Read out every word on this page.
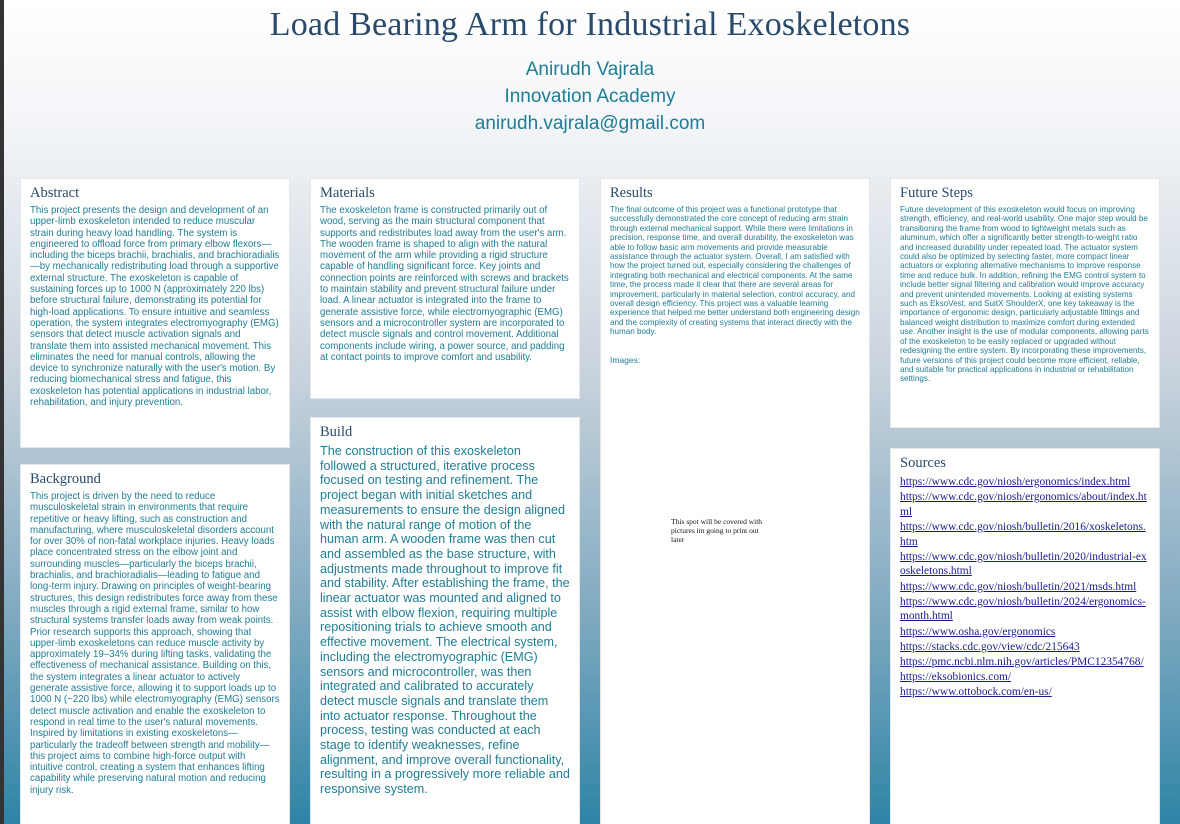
Load Bearing Arm for Industrial Exoskeletons
Anirudh Vajrala
Innovation Academy
anirudh.vajrala@gmail.com
Abstract
This project presents the design and development of an upper-limb exoskeleton intended to reduce muscular strain during heavy load handling. The system is engineered to offload force from primary elbow flexors—including the biceps brachii, brachialis, and brachioradialis—by mechanically redistributing load through a supportive external structure. The exoskeleton is capable of sustaining forces up to 1000 N (approximately 220 lbs) before structural failure, demonstrating its potential for high-load applications. To ensure intuitive and seamless operation, the system integrates electromyography (EMG) sensors that detect muscle activation signals and translate them into assisted mechanical movement. This eliminates the need for manual controls, allowing the device to synchronize naturally with the user's motion. By reducing biomechanical stress and fatigue, this exoskeleton has potential applications in industrial labor, rehabilitation, and injury prevention.
Background
This project is driven by the need to reduce musculoskeletal strain in environments that require repetitive or heavy lifting, such as construction and manufacturing, where musculoskeletal disorders account for over 30% of non-fatal workplace injuries. Heavy loads place concentrated stress on the elbow joint and surrounding muscles—particularly the biceps brachii, brachialis, and brachioradialis—leading to fatigue and long-term injury. Drawing on principles of weight-bearing structures, this design redistributes force away from these muscles through a rigid external frame, similar to how structural systems transfer loads away from weak points. Prior research supports this approach, showing that upper-limb exoskeletons can reduce muscle activity by approximately 19–34% during lifting tasks, validating the effectiveness of mechanical assistance. Building on this, the system integrates a linear actuator to actively generate assistive force, allowing it to support loads up to 1000 N (~220 lbs) while electromyography (EMG) sensors detect muscle activation and enable the exoskeleton to respond in real time to the user's natural movements. Inspired by limitations in existing exoskeletons—particularly the tradeoff between strength and mobility—this project aims to combine high-force output with intuitive control, creating a system that enhances lifting capability while preserving natural motion and reducing injury risk.
Materials
The exoskeleton frame is constructed primarily out of wood, serving as the main structural component that supports and redistributes load away from the user's arm. The wooden frame is shaped to align with the natural movement of the arm while providing a rigid structure capable of handling significant force. Key joints and connection points are reinforced with screws and brackets to maintain stability and prevent structural failure under load. A linear actuator is integrated into the frame to generate assistive force, while electromyographic (EMG) sensors and a microcontroller system are incorporated to detect muscle signals and control movement. Additional components include wiring, a power source, and padding at contact points to improve comfort and usability.
Build
The construction of this exoskeleton followed a structured, iterative process focused on testing and refinement. The project began with initial sketches and measurements to ensure the design aligned with the natural range of motion of the human arm. A wooden frame was then cut and assembled as the base structure, with adjustments made throughout to improve fit and stability. After establishing the frame, the linear actuator was mounted and aligned to assist with elbow flexion, requiring multiple repositioning trials to achieve smooth and effective movement. The electrical system, including the electromyographic (EMG) sensors and microcontroller, was then integrated and calibrated to accurately detect muscle signals and translate them into actuator response. Throughout the process, testing was conducted at each stage to identify weaknesses, refine alignment, and improve overall functionality, resulting in a progressively more reliable and responsive system.
Results
The final outcome of this project was a functional prototype that successfully demonstrated the core concept of reducing arm strain through external mechanical support. While there were limitations in precision, response time, and overall durability, the exoskeleton was able to follow basic arm movements and provide measurable assistance through the actuator system. Overall, I am satisfied with how the project turned out, especially considering the challenges of integrating both mechanical and electrical components. At the same time, the process made it clear that there are several areas for improvement, particularly in material selection, control accuracy, and overall design efficiency. This project was a valuable learning experience that helped me better understand both engineering design and the complexity of creating systems that interact directly with the human body.
Images:
This spot will be covered with pictures im going to print out later
Future Steps
Future development of this exoskeleton would focus on improving strength, efficiency, and real-world usability. One major step would be transitioning the frame from wood to lightweight metals such as aluminum, which offer a significantly better strength-to-weight ratio and increased durability under repeated load. The actuator system could also be optimized by selecting faster, more compact linear actuators or exploring alternative mechanisms to improve response time and reduce bulk. In addition, refining the EMG control system to include better signal filtering and calibration would improve accuracy and prevent unintended movements. Looking at existing systems such as EksoVest, and SuitX ShoulderX, one key takeaway is the importance of ergonomic design, particularly adjustable fittings and balanced weight distribution to maximize comfort during extended use. Another insight is the use of modular components, allowing parts of the exoskeleton to be easily replaced or upgraded without redesigning the entire system. By incorporating these improvements, future versions of this project could become more efficient, reliable, and suitable for practical applications in industrial or rehabilitation settings.
Sources
https://www.cdc.gov/niosh/ergonomics/index.html
https://www.cdc.gov/niosh/ergonomics/about/index.html
https://www.cdc.gov/niosh/bulletin/2016/xoskeletons.htm
https://www.cdc.gov/niosh/bulletin/2020/industrial-exoskeletons.html
https://www.cdc.gov/niosh/bulletin/2021/msds.html
https://www.cdc.gov/niosh/bulletin/2024/ergonomics-month.html
https://www.osha.gov/ergonomics
https://stacks.cdc.gov/view/cdc/215643
https://pmc.ncbi.nlm.nih.gov/articles/PMC12354768/
https://eksobionics.com/
https://www.ottobock.com/en-us/
